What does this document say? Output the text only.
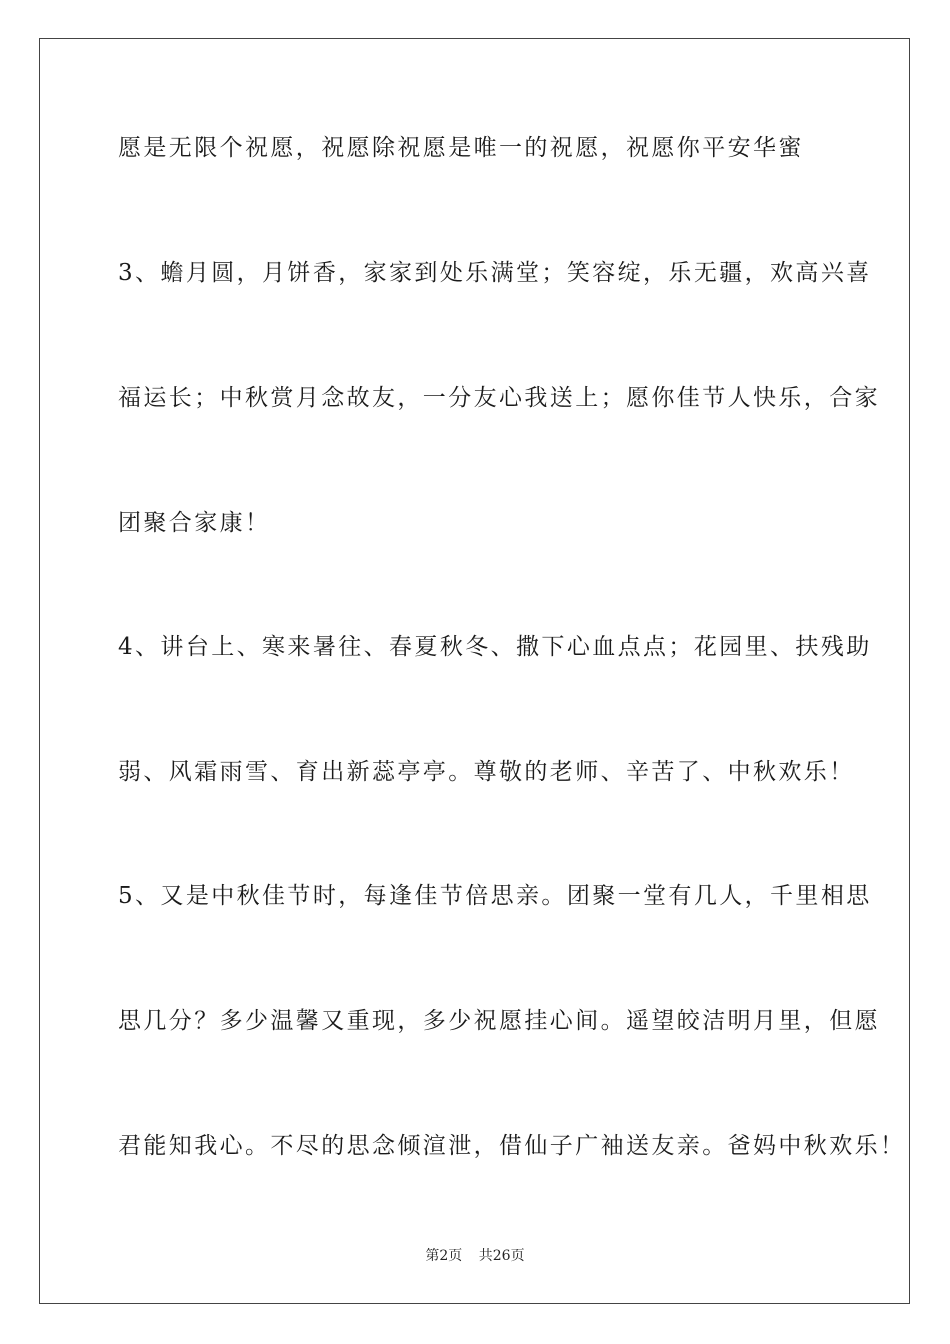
愿是无限个祝愿，祝愿除祝愿是唯一的祝愿，祝愿你平安华蜜
3、蟾月圆，月饼香，家家到处乐满堂；笑容绽，乐无疆，欢高兴喜
福运长；中秋赏月念故友，一分友心我送上；愿你佳节人快乐，合家
团聚合家康！
4、讲台上、寒来暑往、春夏秋冬、撒下心血点点；花园里、扶残助
弱、风霜雨雪、育出新蕊亭亭。尊敬的老师、辛苦了、中秋欢乐！
5、又是中秋佳节时，每逢佳节倍思亲。团聚一堂有几人，千里相思
思几分？多少温馨又重现，多少祝愿挂心间。遥望皎洁明月里，但愿
君能知我心。不尽的思念倾渲泄，借仙子广袖送友亲。爸妈中秋欢乐！
第2页 共26页
